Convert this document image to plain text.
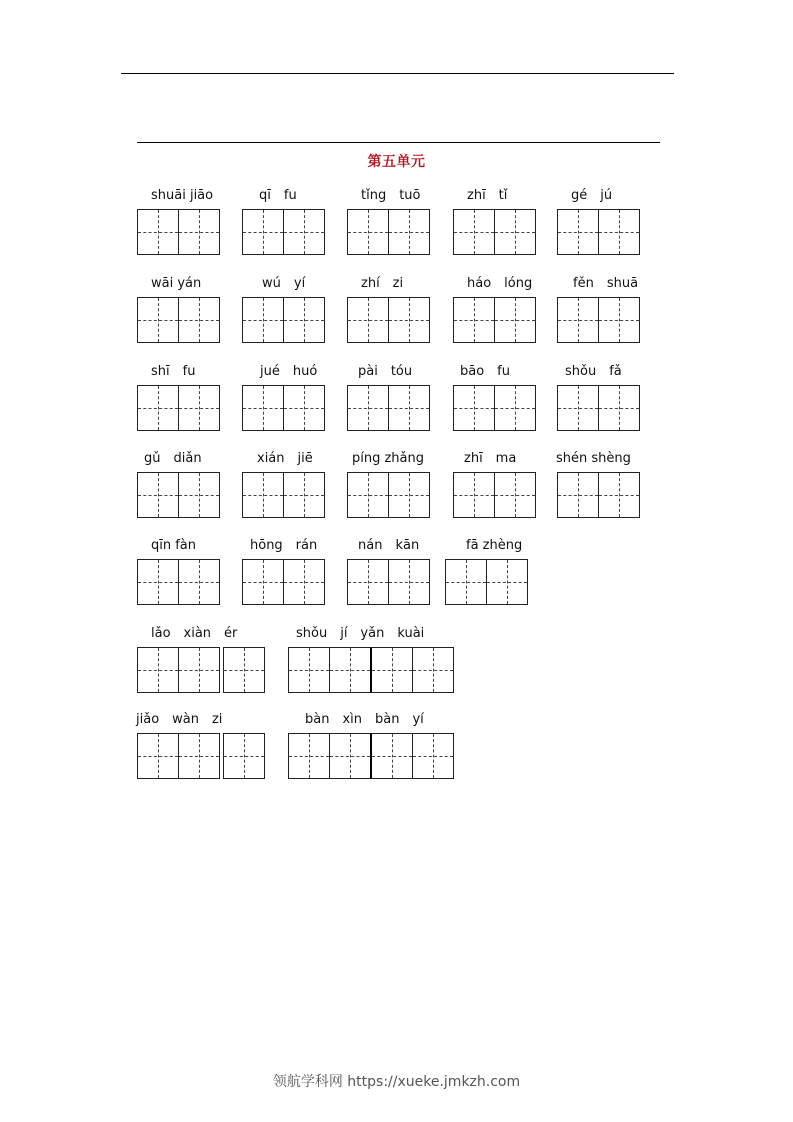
第五单元
shuāi jiāo	qī　fu	tǐng　tuō	zhī　tǐ	gé　jú
wāi yán	wú　yí	zhí　zi	háo　lóng	fěn　shuā
shī　fu	jué　huó	pài　tóu	bāo　fu	shǒu　fǎ
gǔ　diǎn	xián　jiē	píng zhǎng	zhī　ma	shén shèng
qīn fàn	hōng　rán	nán　kān	fā zhèng
lǎo　xiàn　ér	shǒu　jí　yǎn　kuài
jiǎo　wàn　zi	bàn　xìn　bàn　yí
领航学科网 https://xueke.jmkzh.com
